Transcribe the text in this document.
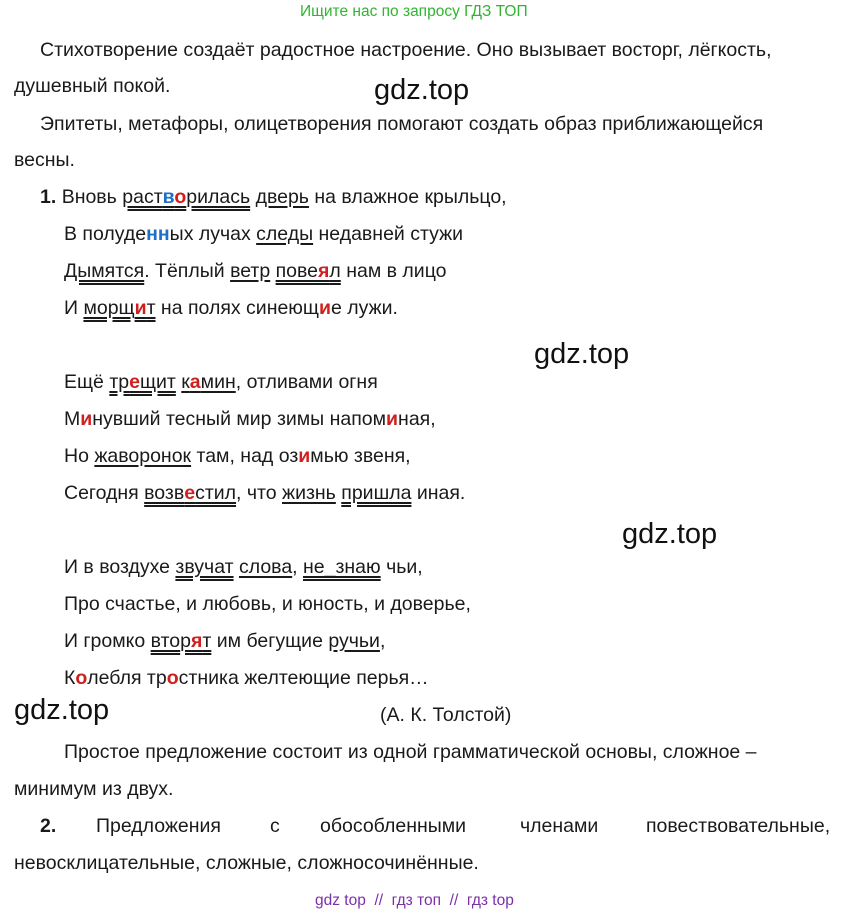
Ищите нас по запросу ГДЗ ТОП
Стихотворение создаёт радостное настроение. Оно вызывает восторг, лёгкость,
душевный покой.	gdz.top
Эпитеты, метафоры, олицетворения помогают создать образ приближающейся
весны.
1. Вновь растворилась дверь на влажное крыльцо,
В полуденных лучах следы недавней стужи
Дымятся. Тёплый ветр повеял нам в лицо
И морщит на полях синеющие лужи.
gdz.top
Ещё трещит камин, отливами огня
Минувший тесный мир зимы напоминая,
Но жаворонок там, над озимью звеня,
Сегодня возвестил, что жизнь пришла иная.
gdz.top
И в воздухе звучат слова, не_знаю чьи,
Про счастье, и любовь, и юность, и доверье,
И громко вторят им бегущие ручьи,
Колебля тростника желтеющие перья…
gdz.top	(А. К. Толстой)
Простое предложение состоит из одной грамматической основы, сложное –
минимум из двух.
2. Предложения	с обособленными	членами повествовательные,
невосклицательные, сложные, сложносочинённые.
gdz top  //  гдз топ  //  гдз top
